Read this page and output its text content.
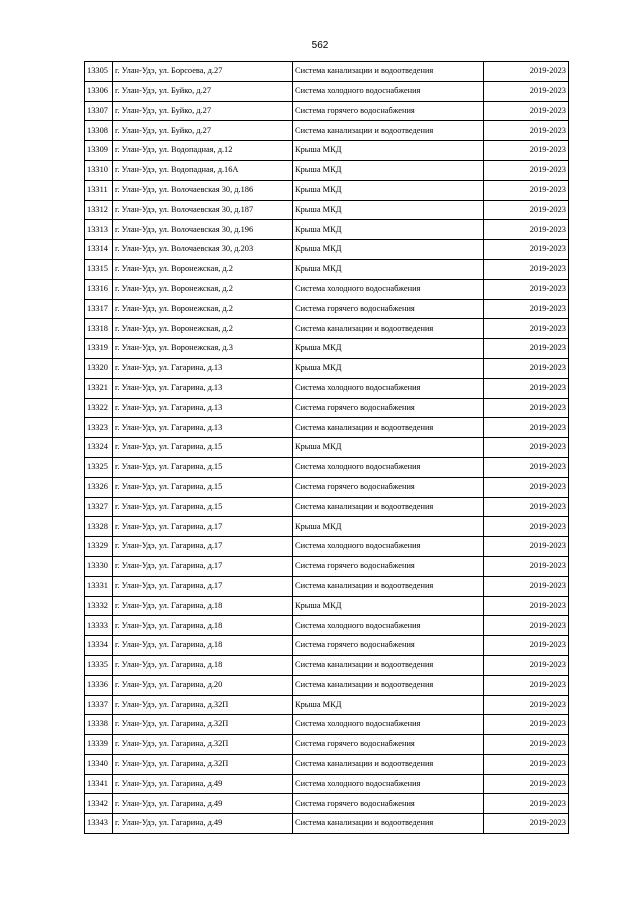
562
13305	г. Улан-Удэ, ул. Борсоева, д.27	Система канализации и водоотведения	2019-2023
13306	г. Улан-Удэ, ул. Буйко, д.27	Система холодного водоснабжения	2019-2023
13307	г. Улан-Удэ, ул. Буйко, д.27	Система горячего водоснабжения	2019-2023
13308	г. Улан-Удэ, ул. Буйко, д.27	Система канализации и водоотведения	2019-2023
13309	г. Улан-Удэ, ул. Водопадная, д.12	Крыша МКД	2019-2023
13310	г. Улан-Удэ, ул. Водопадная, д.16А	Крыша МКД	2019-2023
13311	г. Улан-Удэ, ул. Волочаевская 30, д.186	Крыша МКД	2019-2023
13312	г. Улан-Удэ, ул. Волочаевская 30, д.187	Крыша МКД	2019-2023
13313	г. Улан-Удэ, ул. Волочаевская 30, д.196	Крыша МКД	2019-2023
13314	г. Улан-Удэ, ул. Волочаевская 30, д.203	Крыша МКД	2019-2023
13315	г. Улан-Удэ, ул. Воронежская, д.2	Крыша МКД	2019-2023
13316	г. Улан-Удэ, ул. Воронежская, д.2	Система холодного водоснабжения	2019-2023
13317	г. Улан-Удэ, ул. Воронежская, д.2	Система горячего водоснабжения	2019-2023
13318	г. Улан-Удэ, ул. Воронежская, д.2	Система канализации и водоотведения	2019-2023
13319	г. Улан-Удэ, ул. Воронежская, д.3	Крыша МКД	2019-2023
13320	г. Улан-Удэ, ул. Гагарина, д.13	Крыша МКД	2019-2023
13321	г. Улан-Удэ, ул. Гагарина, д.13	Система холодного водоснабжения	2019-2023
13322	г. Улан-Удэ, ул. Гагарина, д.13	Система горячего водоснабжения	2019-2023
13323	г. Улан-Удэ, ул. Гагарина, д.13	Система канализации и водоотведения	2019-2023
13324	г. Улан-Удэ, ул. Гагарина, д.15	Крыша МКД	2019-2023
13325	г. Улан-Удэ, ул. Гагарина, д.15	Система холодного водоснабжения	2019-2023
13326	г. Улан-Удэ, ул. Гагарина, д.15	Система горячего водоснабжения	2019-2023
13327	г. Улан-Удэ, ул. Гагарина, д.15	Система канализации и водоотведения	2019-2023
13328	г. Улан-Удэ, ул. Гагарина, д.17	Крыша МКД	2019-2023
13329	г. Улан-Удэ, ул. Гагарина, д.17	Система холодного водоснабжения	2019-2023
13330	г. Улан-Удэ, ул. Гагарина, д.17	Система горячего водоснабжения	2019-2023
13331	г. Улан-Удэ, ул. Гагарина, д.17	Система канализации и водоотведения	2019-2023
13332	г. Улан-Удэ, ул. Гагарина, д.18	Крыша МКД	2019-2023
13333	г. Улан-Удэ, ул. Гагарина, д.18	Система холодного водоснабжения	2019-2023
13334	г. Улан-Удэ, ул. Гагарина, д.18	Система горячего водоснабжения	2019-2023
13335	г. Улан-Удэ, ул. Гагарина, д.18	Система канализации и водоотведения	2019-2023
13336	г. Улан-Удэ, ул. Гагарина, д.20	Система канализации и водоотведения	2019-2023
13337	г. Улан-Удэ, ул. Гагарина, д.32П	Крыша МКД	2019-2023
13338	г. Улан-Удэ, ул. Гагарина, д.32П	Система холодного водоснабжения	2019-2023
13339	г. Улан-Удэ, ул. Гагарина, д.32П	Система горячего водоснабжения	2019-2023
13340	г. Улан-Удэ, ул. Гагарина, д.32П	Система канализации и водоотведения	2019-2023
13341	г. Улан-Удэ, ул. Гагарина, д.49	Система холодного водоснабжения	2019-2023
13342	г. Улан-Удэ, ул. Гагарина, д.49	Система горячего водоснабжения	2019-2023
13343	г. Улан-Удэ, ул. Гагарина, д.49	Система канализации и водоотведения	2019-2023
